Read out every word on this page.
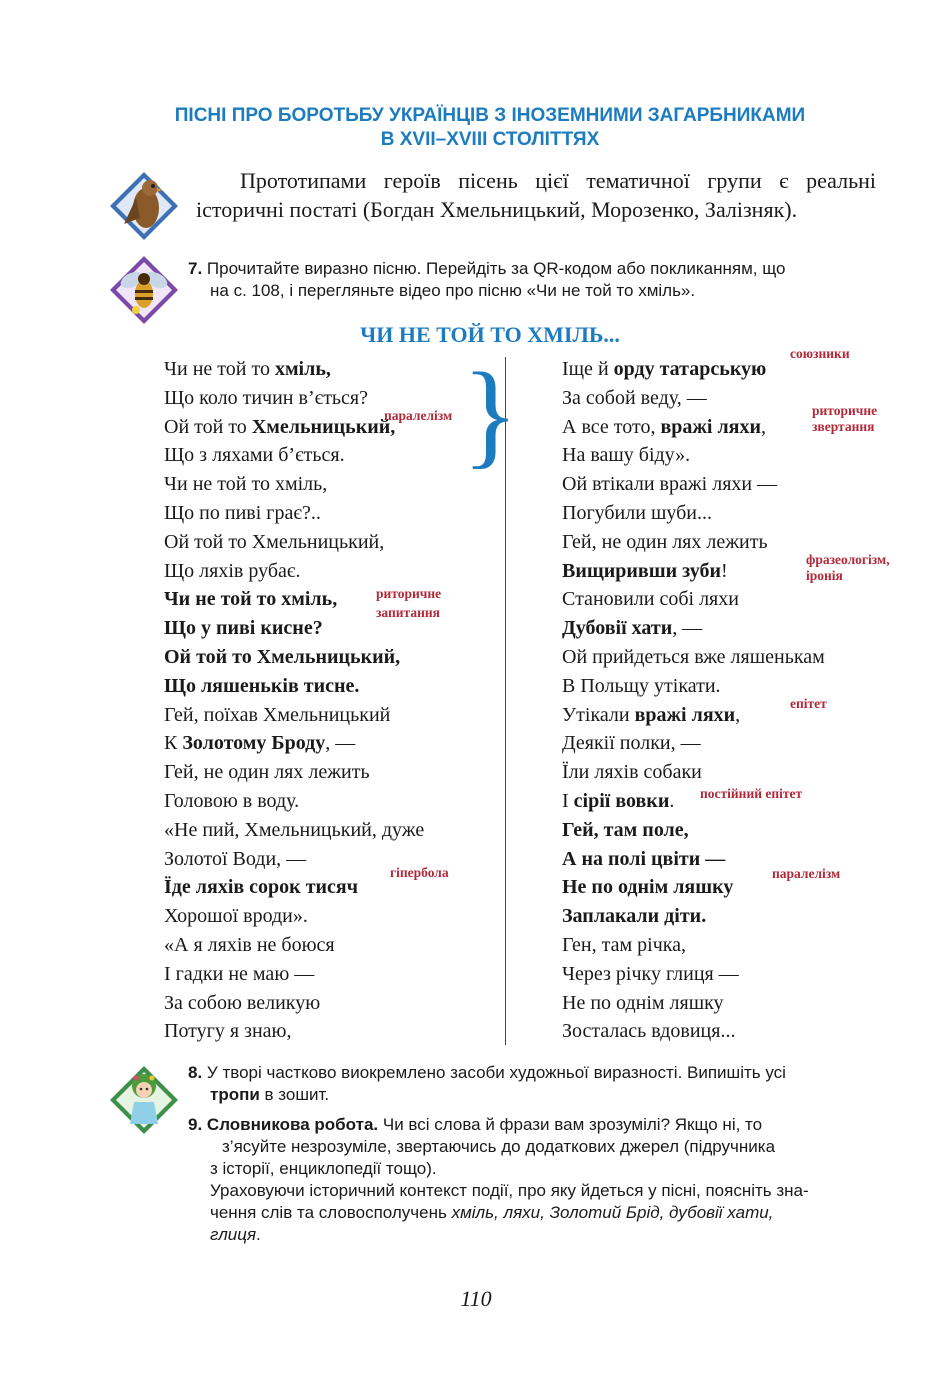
ПІСНІ ПРО БОРОТЬБУ УКРАЇНЦІВ З ІНОЗЕМНИМИ ЗАГАРБНИКАМИ
В XVII–XVIII СТОЛІТТЯХ
Прототипами героїв пісень цієї тематичної групи є реальні історичні постаті (Богдан Хмельницький, Морозенко, Залізняк).
7. Прочитайте виразно пісню. Перейдіть за QR-кодом або покликанням, що
на с. 108, і перегляньте відео про пісню «Чи не той то хміль».
ЧИ НЕ ТОЙ ТО ХМІЛЬ...
Чи не той то хміль,
Що коло тичин в’ється?
Ой той то Хмельницький,
Що з ляхами б’ється.
Чи не той то хміль,
Що по пиві грає?..
Ой той то Хмельницький,
Що ляхів рубає.
Чи не той то хміль,
Що у пиві кисне?
Ой той то Хмельницький,
Що ляшеньків тисне.
Гей, поїхав Хмельницький
К Золотому Броду, —
Гей, не один лях лежить
Головою в воду.
«Не пий, Хмельницький, дуже
Золотої Води, —
Їде ляхів сорок тисяч
Хорошої вроди».
«А я ляхів не боюся
І гадки не маю —
За собою великую
Потугу я знаю,
Іще й орду татарськую
За собой веду, —
А все тото, вражі ляхи,
На вашу біду».
Ой втікали вражі ляхи —
Погубили шуби...
Гей, не один лях лежить
Вищиривши зуби!
Становили собі ляхи
Дубовії хати, —
Ой прийдеться вже ляшенькам
В Польщу утікати.
Утікали вражі ляхи,
Деякії полки, —
Їли ляхів собаки
І сірії вовки.
Гей, там поле,
А на полі цвіти —
Не по однім ляшку
Заплакали діти.
Ген, там річка,
Через річку глиця —
Не по однім ляшку
Зосталась вдовиця...
}
паралелізм
риторичне
запитання
гіпербола
союзники
риторичне
звертання
фразеологізм,
іронія
епітет
постійний епітет
паралелізм
8. У творі частково виокремлено засоби художньої виразності. Випишіть усі
тропи в зошит.
9. Словникова робота. Чи всі слова й фрази вам зрозумілі? Якщо ні, то
з’ясуйте незрозуміле, звертаючись до додаткових джерел (підручника
з історії, енциклопедії тощо).
Ураховуючи історичний контекст події, про яку йдеться у пісні, поясніть зна-
чення слів та словосполучень хміль, ляхи, Золотий Брід, дубовії хати,
глиця.
110
